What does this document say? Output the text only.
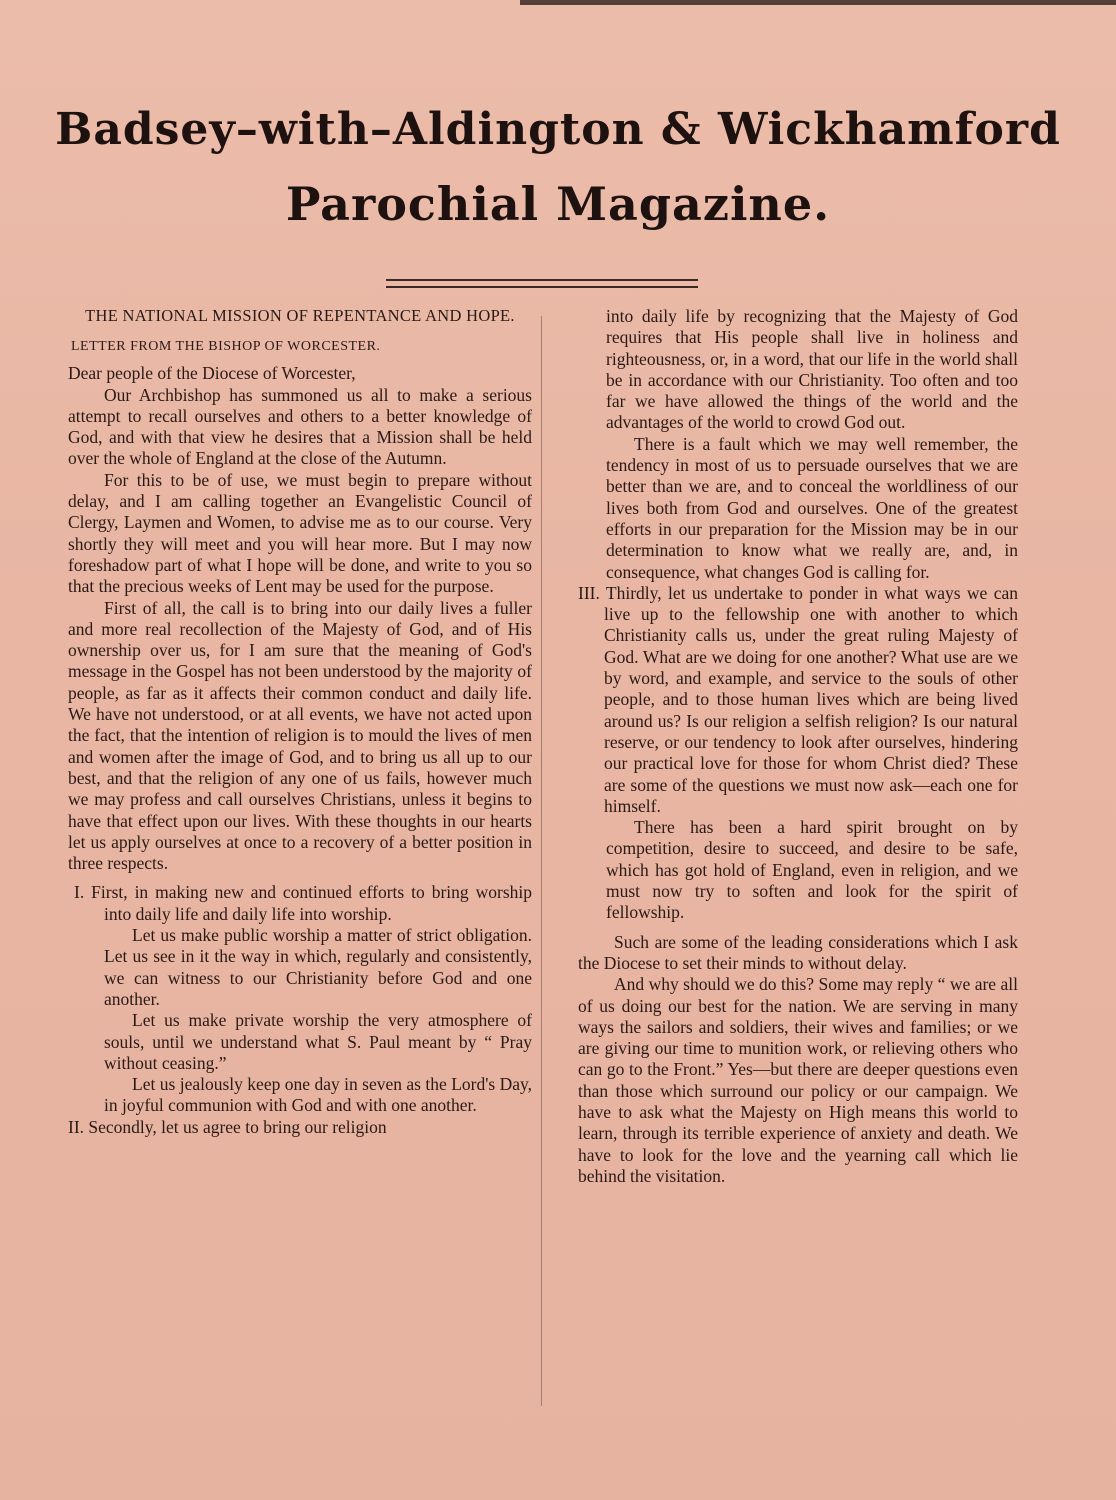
Badsey–with–Aldington & Wickhamford
Parochial Magazine.

THE NATIONAL MISSION OF REPENTANCE AND HOPE.

LETTER FROM THE BISHOP OF WORCESTER.

Dear people of the Diocese of Worcester,

Our Archbishop has summoned us all to make a serious attempt to recall ourselves and others to a better knowledge of God, and with that view he desires that a Mission shall be held over the whole of England at the close of the Autumn.

For this to be of use, we must begin to prepare without delay, and I am calling together an Evangelistic Council of Clergy, Laymen and Women, to advise me as to our course. Very shortly they will meet and you will hear more. But I may now foreshadow part of what I hope will be done, and write to you so that the precious weeks of Lent may be used for the purpose.

First of all, the call is to bring into our daily lives a fuller and more real recollection of the Majesty of God, and of His ownership over us, for I am sure that the meaning of God's message in the Gospel has not been understood by the majority of people, as far as it affects their common conduct and daily life. We have not understood, or at all events, we have not acted upon the fact, that the intention of religion is to mould the lives of men and women after the image of God, and to bring us all up to our best, and that the religion of any one of us fails, however much we may profess and call ourselves Christians, unless it begins to have that effect upon our lives. With these thoughts in our hearts let us apply ourselves at once to a recovery of a better position in three respects.

I. First, in making new and continued efforts to bring worship into daily life and daily life into worship.

Let us make public worship a matter of strict obligation. Let us see in it the way in which, regularly and consistently, we can witness to our Christianity before God and one another.

Let us make private worship the very atmosphere of souls, until we understand what S. Paul meant by “ Pray without ceasing.”

Let us jealously keep one day in seven as the Lord's Day, in joyful communion with God and with one another.

II. Secondly, let us agree to bring our religion

into daily life by recognizing that the Majesty of God requires that His people shall live in holiness and righteousness, or, in a word, that our life in the world shall be in accordance with our Christianity. Too often and too far we have allowed the things of the world and the advantages of the world to crowd God out.

There is a fault which we may well remember, the tendency in most of us to persuade ourselves that we are better than we are, and to conceal the worldliness of our lives both from God and ourselves. One of the greatest efforts in our preparation for the Mission may be in our determination to know what we really are, and, in consequence, what changes God is calling for.

III. Thirdly, let us undertake to ponder in what ways we can live up to the fellowship one with another to which Christianity calls us, under the great ruling Majesty of God. What are we doing for one another? What use are we by word, and example, and service to the souls of other people, and to those human lives which are being lived around us? Is our religion a selfish religion? Is our natural reserve, or our tendency to look after ourselves, hindering our practical love for those for whom Christ died? These are some of the questions we must now ask—each one for himself.

There has been a hard spirit brought on by competition, desire to succeed, and desire to be safe, which has got hold of England, even in religion, and we must now try to soften and look for the spirit of fellowship.

Such are some of the leading considerations which I ask the Diocese to set their minds to without delay.

And why should we do this? Some may reply “ we are all of us doing our best for the nation. We are serving in many ways the sailors and soldiers, their wives and families; or we are giving our time to munition work, or relieving others who can go to the Front.” Yes—but there are deeper questions even than those which surround our policy or our campaign. We have to ask what the Majesty on High means this world to learn, through its terrible experience of anxiety and death. We have to look for the love and the yearning call which lie behind the visitation.
